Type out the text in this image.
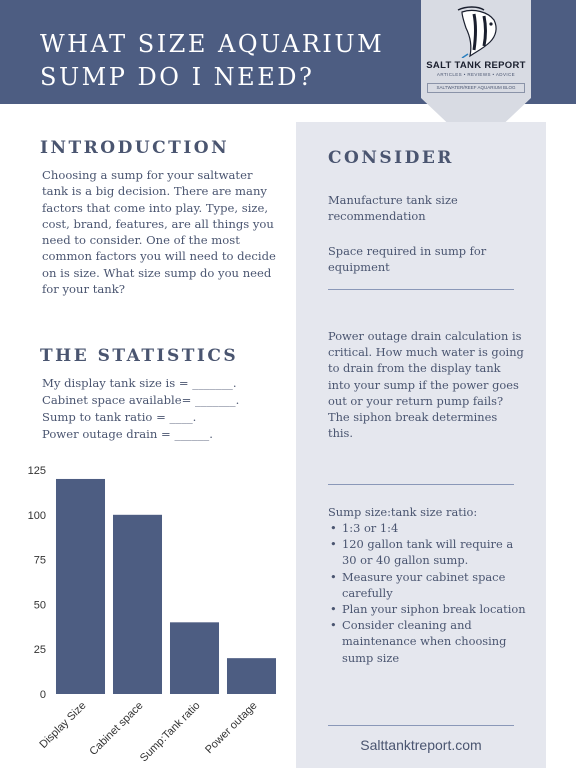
WHAT SIZE AQUARIUM SUMP DO I NEED?	SALT TANK REPORT
ARTICLES • REVIEWS • ADVICE
SALTWATER/REEF AQUARIUM BLOG
INTRODUCTION
Choosing a sump for your saltwater tank is a big decision. There are many factors that come into play. Type, size, cost, brand, features, are all things you need to consider. One of the most common factors you will need to decide on is size. What size sump do you need for your tank?
THE STATISTICS
My display tank size is = _______.
Cabinet space available= _______.
Sump to tank ratio = ____.
Power outage drain = ______.
0
25
50
75
100
125
Display Size
Cabinet space
Sump:Tank ratio Power outage
CONSIDER
Manufacture tank size recommendation
Space required in sump for equipment
Power outage drain calculation is critical. How much water is going to drain from the display tank into your sump if the power goes out or your return pump fails? The siphon break determines this.
Sump size:tank size ratio:
• 1:3 or 1:4
• 120 gallon tank will require a 30 or 40 gallon sump.
• Measure your cabinet space carefully
• Plan your siphon break location
• Consider cleaning and maintenance when choosing sump size
Salttanktreport.com
